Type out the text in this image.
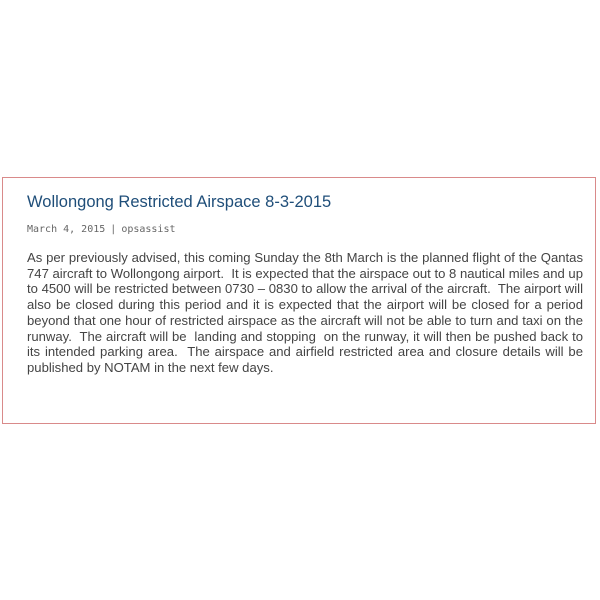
Wollongong Restricted Airspace 8-3-2015
March 4, 2015 | opsassist

As per previously advised, this coming Sunday the 8th March is the planned flight of the Qantas 747 aircraft to Wollongong airport.  It is expected that the airspace out to 8 nautical miles and up to 4500 will be restricted between 0730 – 0830 to allow the arrival of the aircraft.  The airport will also be closed during this period and it is expected that the airport will be closed for a period beyond that one hour of restricted airspace as the aircraft will not be able to turn and taxi on the runway.  The aircraft will be  landing and stopping  on the runway, it will then be pushed back to its intended parking area.  The airspace and airfield restricted area and closure details will be published by NOTAM in the next few days.
